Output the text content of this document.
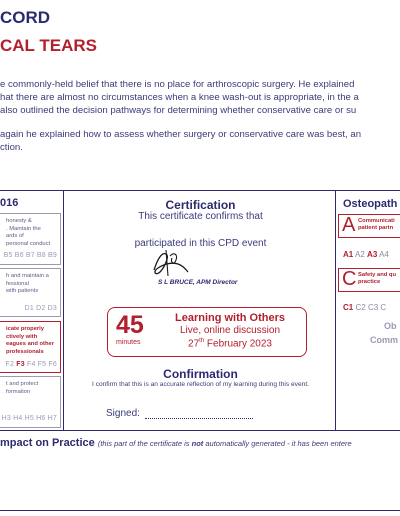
CORD
CAL TEARS
e commonly-held belief that there is no place for arthroscopic surgery. He explained
hat there are almost no circumstances when a knee wash-out is appropriate, in the a
also outlined the decision pathways for determining whether conservative care or su
again he explained how to assess whether surgery or conservative care was best, an
ction.
016
honesty &
. Maintain the
ards of
personal conduct
B5 B6 B7 B8 B9
h and maintain a
fessional
with patients
D1 D2 D3
icate properly
ctively with
eagues and other
professionals
F2 F3 F4 F5 F6
t and protect
formation
H3 H4 H5 H6 H7
Certification
This certificate confirms that
participated in this CPD event
S L BRUCE, APM Director
45
minutes
Learning with Others
Live, online discussion
27th February 2023
Confirmation
I confirm that this is an accurate reflection of my learning during this event.
Signed:
Osteopath
A Communicati
patient partn
A1 A2 A3 A4
C Safety and qu
practice
C1 C2 C3 C
Ob
Comm
mpact on Practice (this part of the certificate is not automatically generated - it has been entere
